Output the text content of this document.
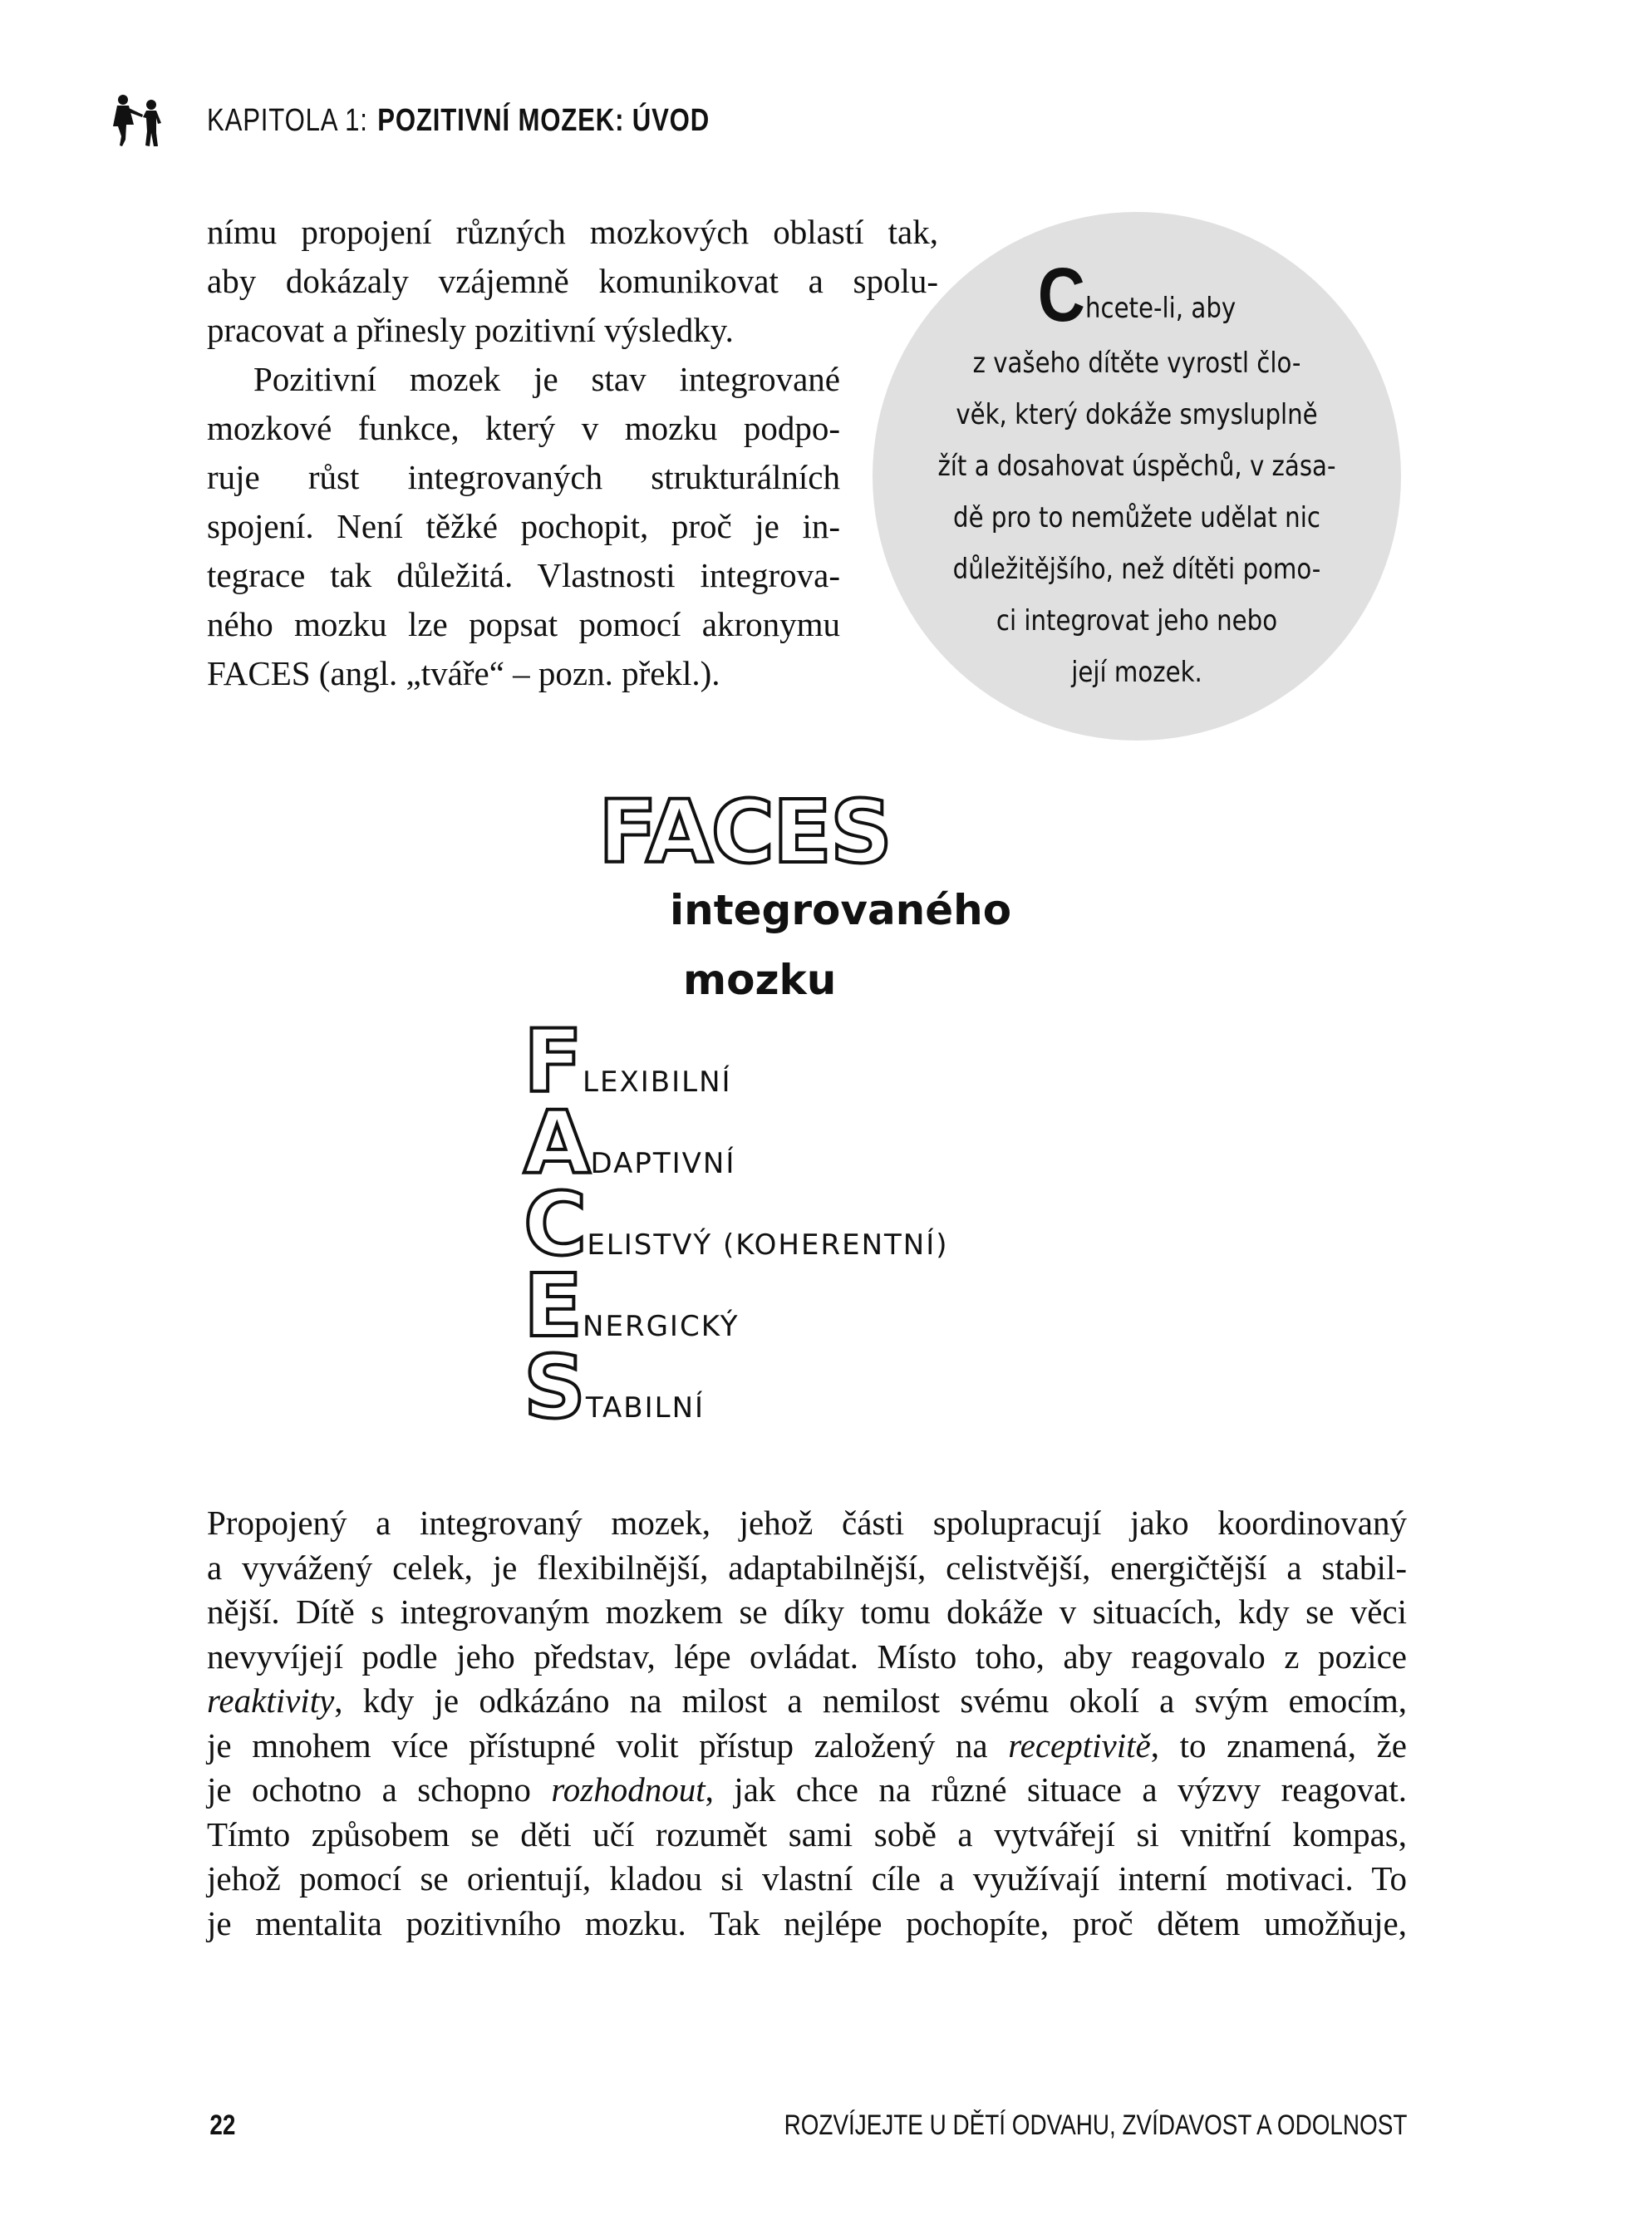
KAPITOLA 1: POZITIVNÍ MOZEK: ÚVOD
nímu propojení různých mozkových oblastí tak,
aby dokázaly vzájemně komunikovat a spolu-
pracovat a přinesly pozitivní výsledky.
Pozitivní mozek je stav integrované
mozkové funkce, který v mozku podpo-
ruje růst integrovaných strukturálních
spojení. Není těžké pochopit, proč je in-
tegrace tak důležitá. Vlastnosti integrova-
ného mozku lze popsat pomocí akronymu
FACES (angl. „tváře“ – pozn. překl.).
Chcete-li, aby
z vašeho dítěte vyrostl člo-
věk, který dokáže smysluplně
žít a dosahovat úspěchů, v zása-
dě pro to nemůžete udělat nic
důležitějšího, než dítěti pomo-
ci integrovat jeho nebo
její mozek.
FACES
integrovaného
mozku
FLEXIBILNÍ
ADAPTIVNÍ
CELISTVÝ (KOHERENTNÍ)
ENERGICKÝ
STABILNÍ
Propojený a integrovaný mozek, jehož části spolupracují jako koordinovaný
a vyvážený celek, je flexibilnější, adaptabilnější, celistvější, energičtější a stabil-
nější. Dítě s integrovaným mozkem se díky tomu dokáže v situacích, kdy se věci
nevyvíjejí podle jeho představ, lépe ovládat. Místo toho, aby reagovalo z pozice
reaktivity, kdy je odkázáno na milost a nemilost svému okolí a svým emocím,
je mnohem více přístupné volit přístup založený na receptivitě, to znamená, že
je ochotno a schopno rozhodnout, jak chce na různé situace a výzvy reagovat.
Tímto způsobem se děti učí rozumět sami sobě a vytvářejí si vnitřní kompas,
jehož pomocí se orientují, kladou si vlastní cíle a využívají interní motivaci. To
je mentalita pozitivního mozku. Tak nejlépe pochopíte, proč dětem umožňuje,
22	ROZVÍJEJTE U DĚTÍ ODVAHU, ZVÍDAVOST A ODOLNOST
